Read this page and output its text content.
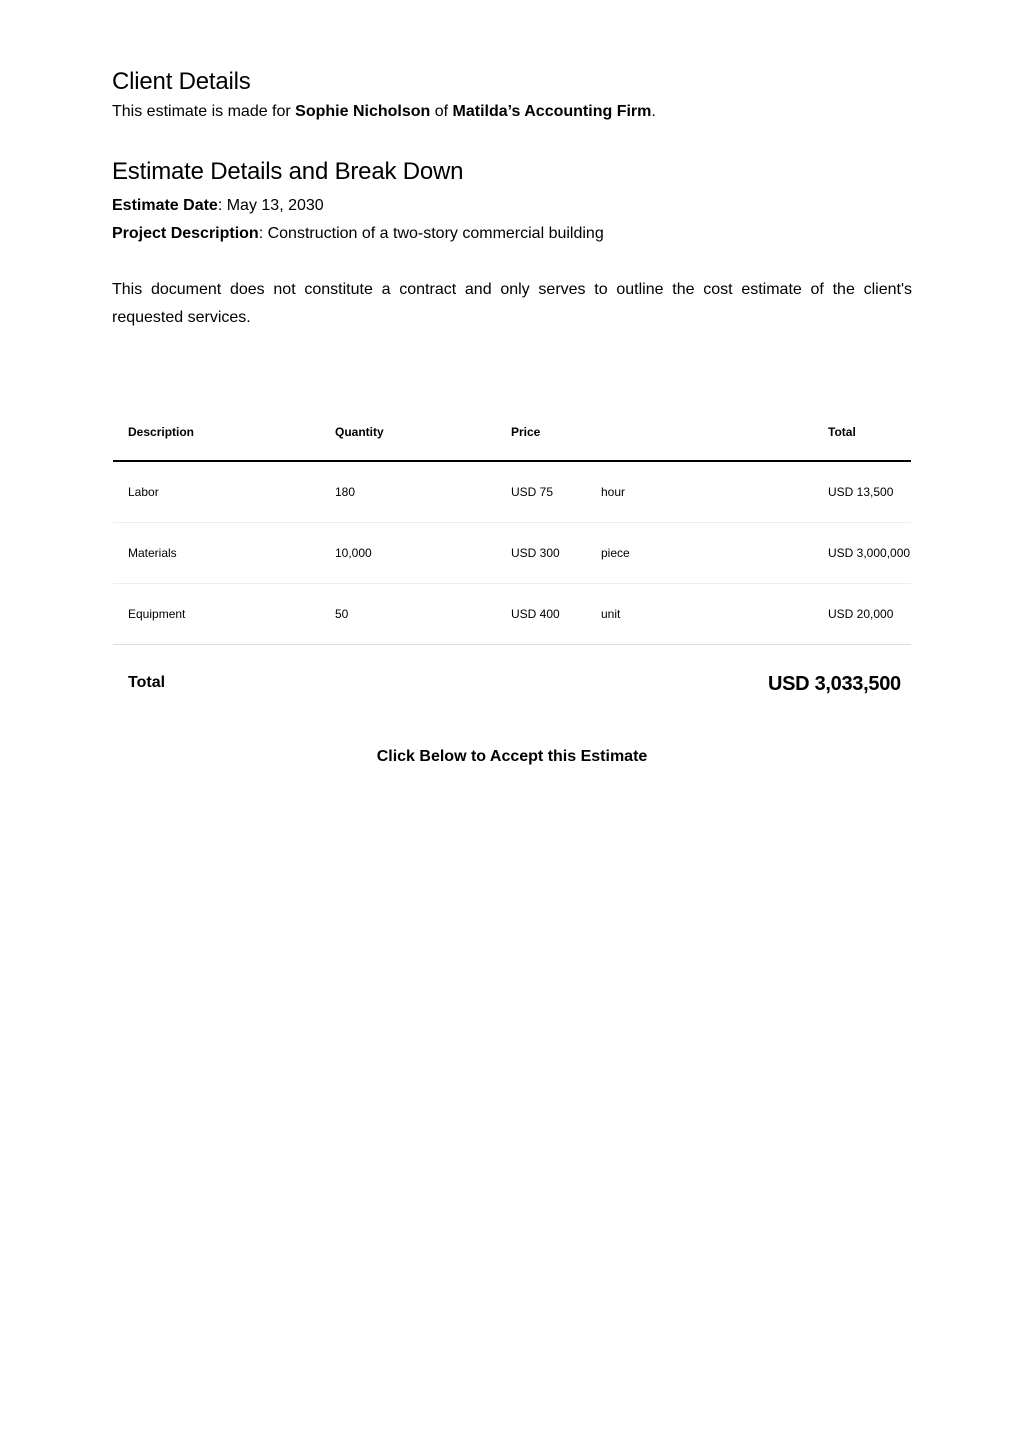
Client Details

This estimate is made for Sophie Nicholson of Matilda’s Accounting Firm.

Estimate Details and Break Down

Estimate Date: May 13, 2030

Project Description: Construction of a two-story commercial building

This document does not constitute a contract and only serves to outline the cost estimate of the client's requested services.

Description	Quantity	Price		Total
Labor	180	USD 75	hour	USD 13,500
Materials	10,000	USD 300	piece	USD 3,000,000
Equipment	50	USD 400	unit	USD 20,000
Total	USD 3,033,500
Click Below to Accept this Estimate
